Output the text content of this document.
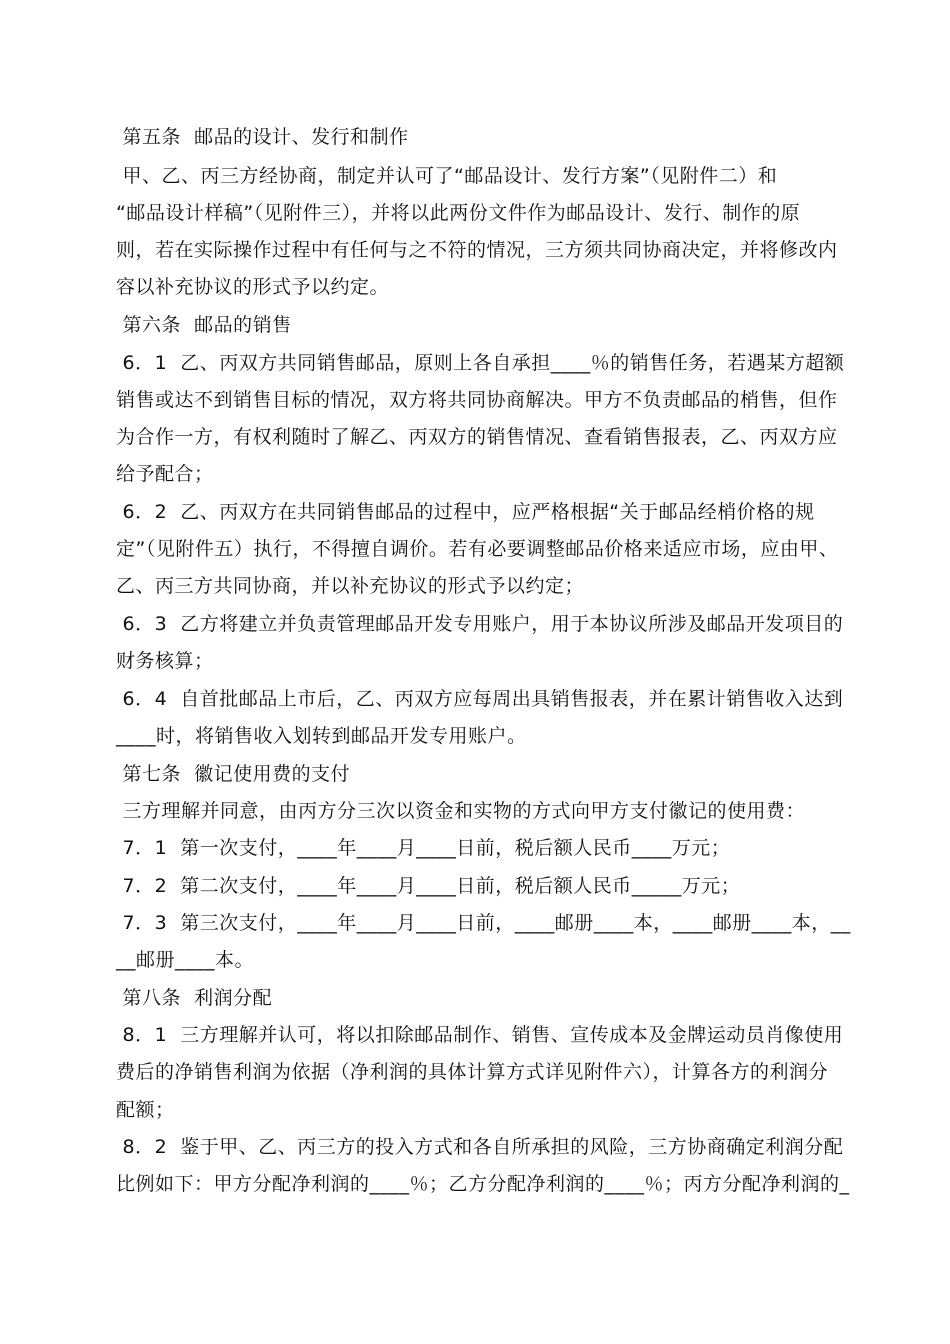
第五条  邮品的设计、发行和制作
甲、乙、丙三方经协商，制定并认可了“邮品设计、发行方案”（见附件二）和
“邮品设计样稿”（见附件三），并将以此两份文件作为邮品设计、发行、制作的原
则，若在实际操作过程中有任何与之不符的情况，三方须共同协商决定，并将修改内
容以补充协议的形式予以约定。
第六条  邮品的销售
6．1  乙、丙双方共同销售邮品，原则上各自承担____％的销售任务，若遇某方超额
销售或达不到销售目标的情况，双方将共同协商解决。甲方不负责邮品的梢售，但作
为合作一方，有权利随时了解乙、丙双方的销售情况、查看销售报表，乙、丙双方应
给予配合；
6．2  乙、丙双方在共同销售邮品的过程中，应严格根据“关于邮品经梢价格的规
定”（见附件五）执行，不得擅自调价。若有必要调整邮品价格来适应市场，应由甲、
乙、丙三方共同协商，并以补充协议的形式予以约定；
6．3  乙方将建立并负责管理邮品开发专用账户，用于本协议所涉及邮品开发项目的
财务核算；
6．4  自首批邮品上市后，乙、丙双方应每周出具销售报表，并在累计销售收入达到
____时，将销售收入划转到邮品开发专用账户。
第七条  徽记使用费的支付
三方理解并同意，由丙方分三次以资金和实物的方式向甲方支付徽记的使用费：
7．1  第一次支付，____年____月____日前，税后额人民币____万元；
7．2  第二次支付，____年____月____日前，税后额人民币_____万元；
7．3  第三次支付，____年____月____日前，____邮册____本，____邮册____本，__
__邮册____本。
第八条  利润分配
8．1  三方理解并认可，将以扣除邮品制作、销售、宣传成本及金牌运动员肖像使用
费后的净销售利润为依据（净利润的具体计算方式详见附件六），计算各方的利润分
配额；
8．2  鉴于甲、乙、丙三方的投入方式和各自所承担的风险，三方协商确定利润分配
比例如下：甲方分配净利润的____％；乙方分配净利润的____％；丙方分配净利润的_
